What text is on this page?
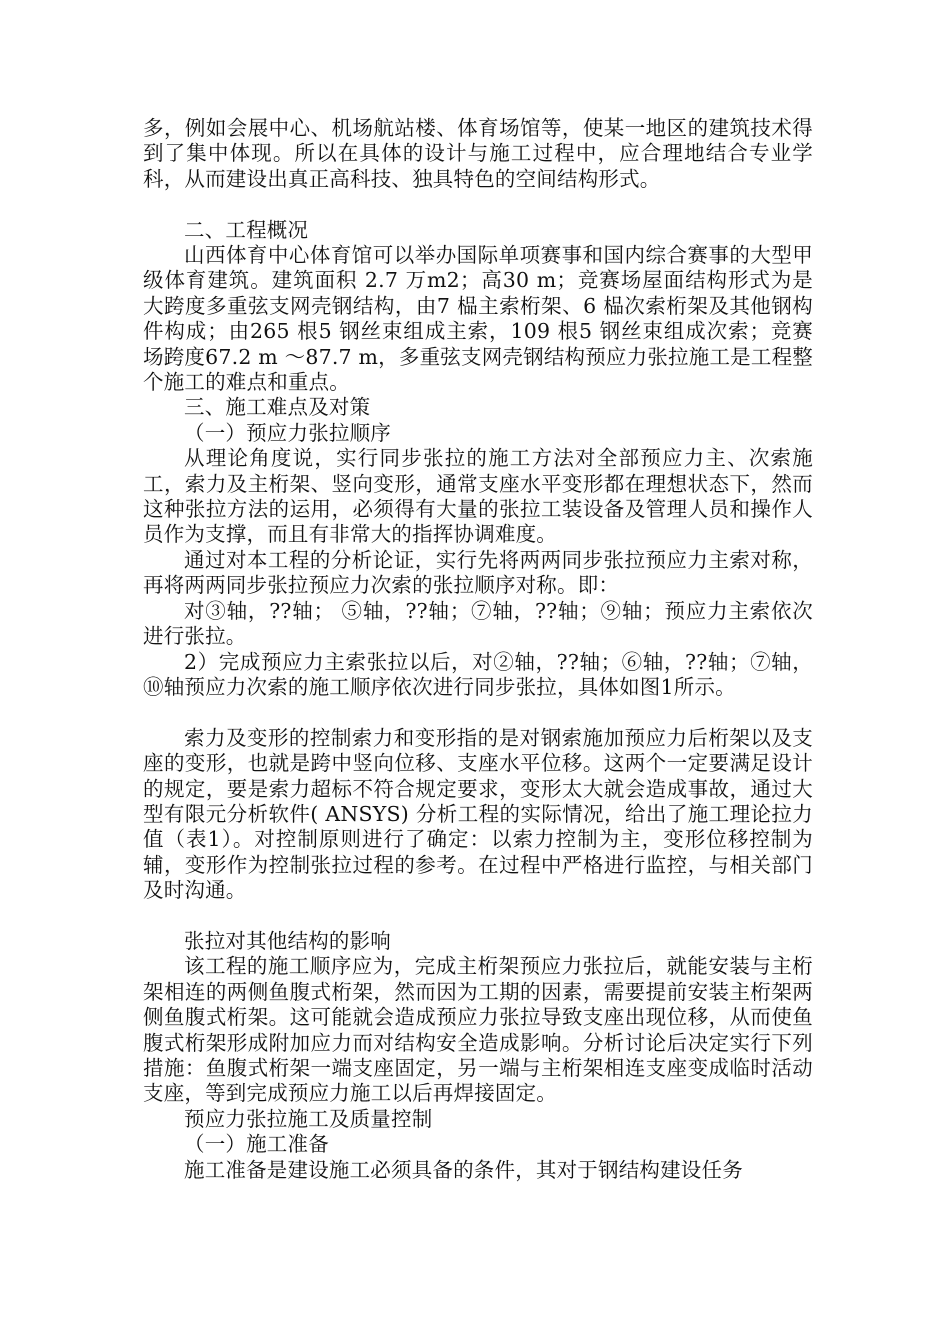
多，例如会展中心、机场航站楼、体育场馆等，使某一地区的建筑技术得到了集中体现。所以在具体的设计与施工过程中，应合理地结合专业学科，从而建设出真正高科技、独具特色的空间结构形式。

二、工程概况

山西体育中心体育馆可以举办国际单项赛事和国内综合赛事的大型甲级体育建筑。建筑面积 2.7 万m2；高30 m；竞赛场屋面结构形式为是大跨度多重弦支网壳钢结构，由7 榀主索桁架、6 榀次索桁架及其他钢构件构成；由265 根5 钢丝束组成主索，109 根5 钢丝束组成次索；竞赛场跨度67.2 m ～87.7 m，多重弦支网壳钢结构预应力张拉施工是工程整个施工的难点和重点。

三、施工难点及对策

（一）预应力张拉顺序

从理论角度说，实行同步张拉的施工方法对全部预应力主、次索施工，索力及主桁架、竖向变形，通常支座水平变形都在理想状态下，然而这种张拉方法的运用，必须得有大量的张拉工装设备及管理人员和操作人员作为支撑，而且有非常大的指挥协调难度。

通过对本工程的分析论证，实行先将两两同步张拉预应力主索对称，再将两两同步张拉预应力次索的张拉顺序对称。即：

对③轴，??轴； ⑤轴，??轴；⑦轴，??轴；⑨轴；预应力主索依次进行张拉。

2）完成预应力主索张拉以后，对②轴，??轴；⑥轴，??轴；⑦轴，⑩轴预应力次索的施工顺序依次进行同步张拉，具体如图1所示。

索力及变形的控制索力和变形指的是对钢索施加预应力后桁架以及支座的变形，也就是跨中竖向位移、支座水平位移。这两个一定要满足设计的规定，要是索力超标不符合规定要求，变形太大就会造成事故，通过大型有限元分析软件( ANSYS) 分析工程的实际情况，给出了施工理论拉力值（表1）。对控制原则进行了确定：以索力控制为主，变形位移控制为辅，变形作为控制张拉过程的参考。在过程中严格进行监控，与相关部门及时沟通。

张拉对其他结构的影响

该工程的施工顺序应为，完成主桁架预应力张拉后，就能安装与主桁架相连的两侧鱼腹式桁架，然而因为工期的因素，需要提前安装主桁架两侧鱼腹式桁架。这可能就会造成预应力张拉导致支座出现位移，从而使鱼腹式桁架形成附加应力而对结构安全造成影响。分析讨论后决定实行下列措施：鱼腹式桁架一端支座固定，另一端与主桁架相连支座变成临时活动支座，等到完成预应力施工以后再焊接固定。

预应力张拉施工及质量控制

（一）施工准备

施工准备是建设施工必须具备的条件，其对于钢结构建设任务
